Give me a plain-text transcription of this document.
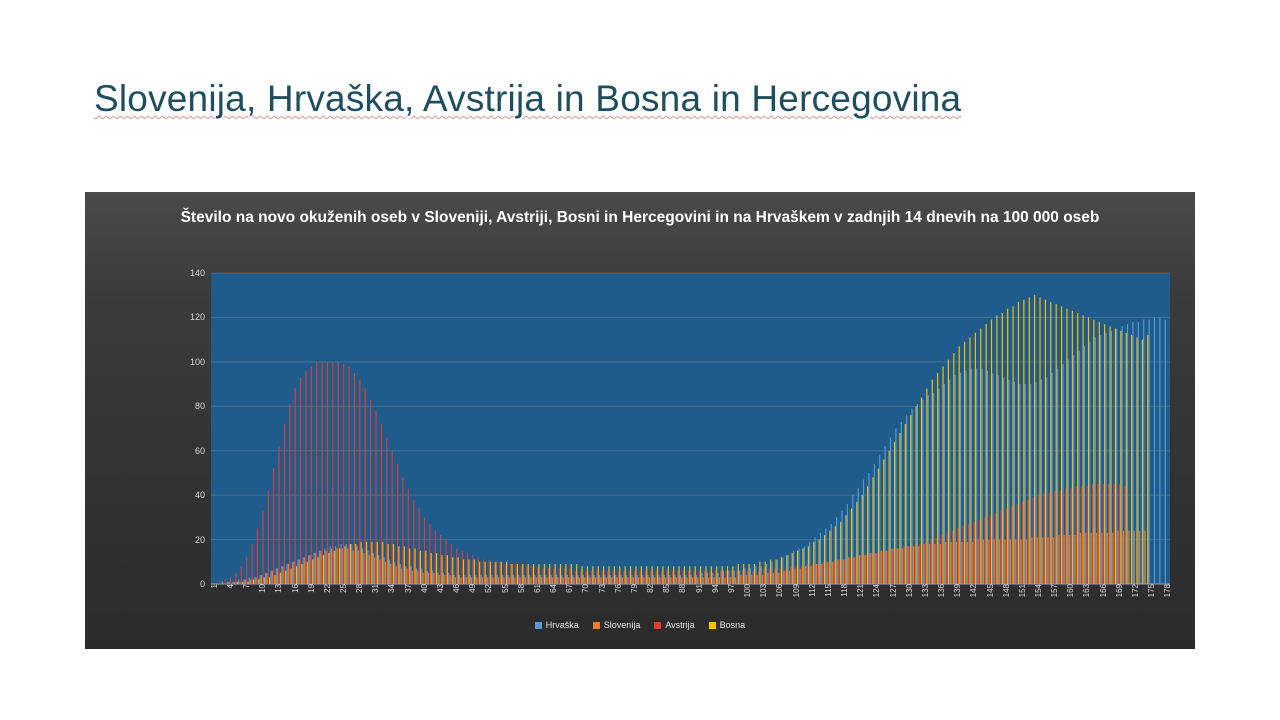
Slovenija, Hrvaška, Avstrija in Bosna in Hercegovina
Število na novo okuženih oseb v Sloveniji, Avstriji, Bosni in Hercegovini in na Hrvaškem v zadnjih 14 dnevih na 100 000 oseb
0
20
40
60
80
100
120
140
1 4 7 10 13 16 19 22 25 28 31 34 37 40 43 46 49 52 55 58 61 64 67 70 73 76 79 82 85 88 91 94 97 100 103 106 109 112 115 118 121 124 127 130 133 136 139 142 145 148 151 154 157 160 163 166 169 172 175 178
Hrvaška	Slovenija	Avstrija	Bosna
